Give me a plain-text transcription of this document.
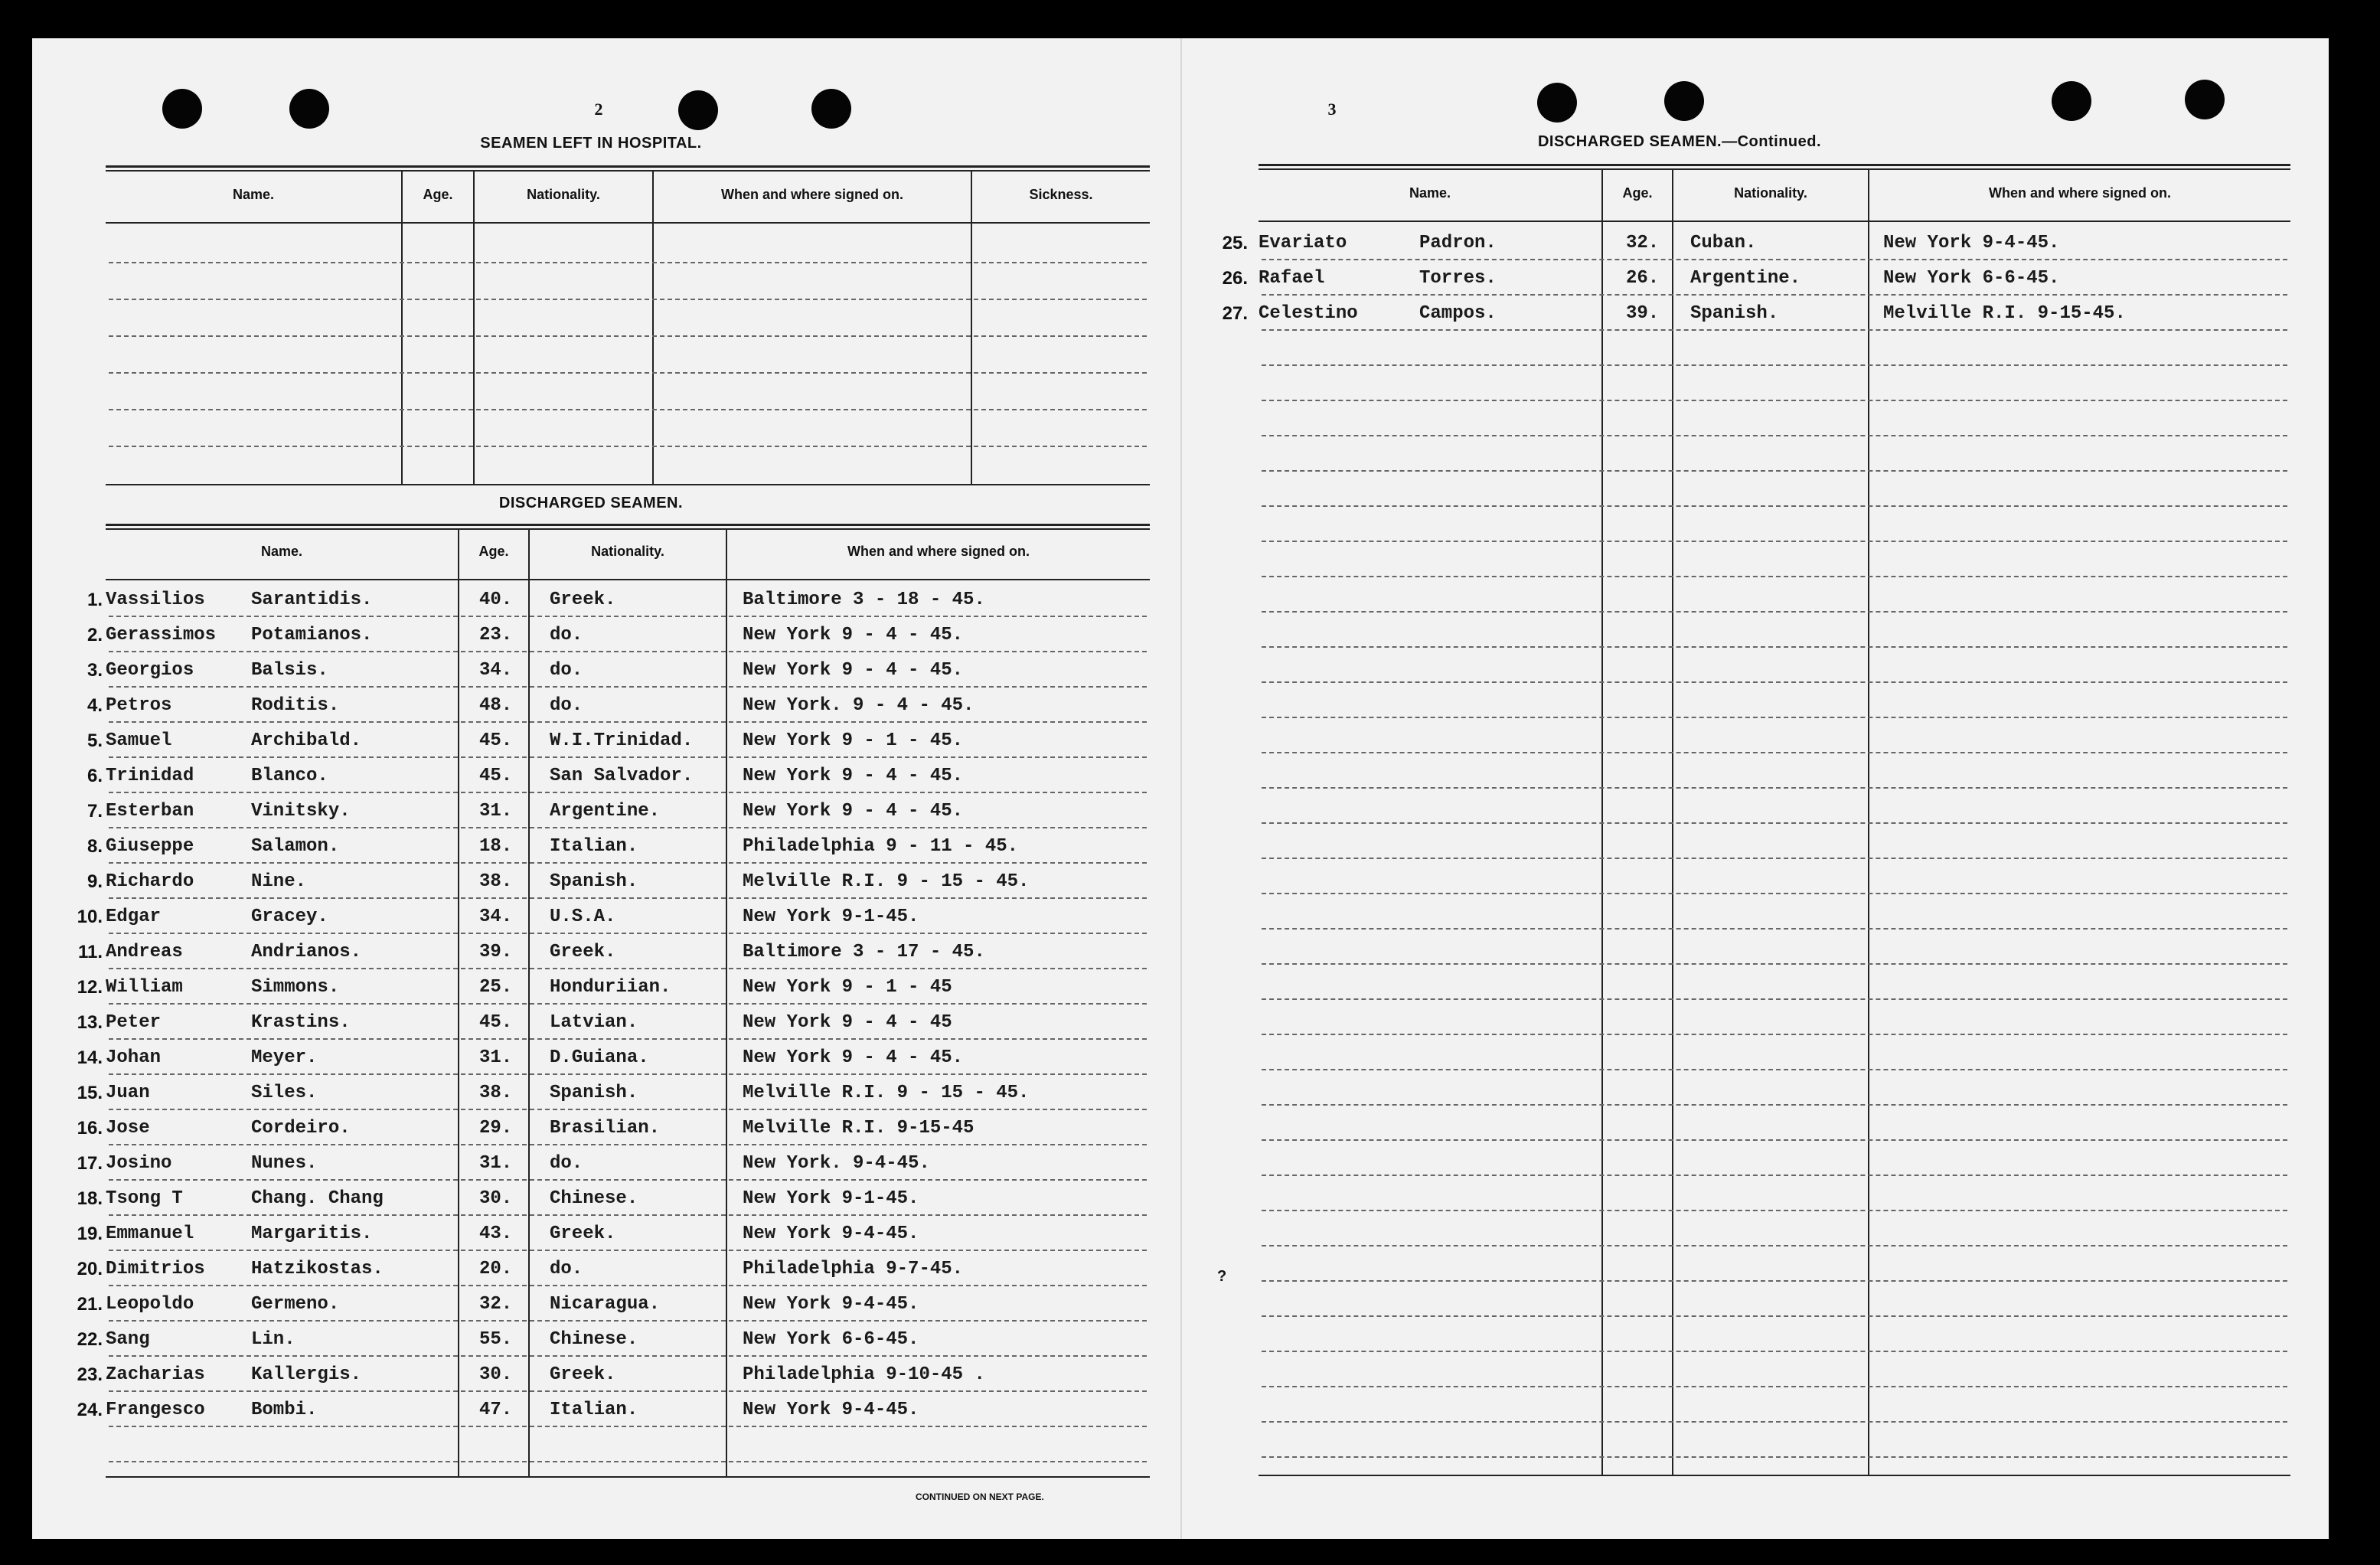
2
SEAMEN LEFT IN HOSPITAL.
Name.	Age.	Nationality.	When and where signed on.	Sickness.
DISCHARGED SEAMEN.
Name.	Age.	Natiоnality.	When and where signed on.
1. Vassilios	Sarantidis.	40. Greek.	Baltimore 3 - 18 - 45.
2. Gerassimos Potamianos.	23. do.	New York 9 - 4 - 45.
3. Georgios	Balsis.	34. do.	New York 9 - 4 - 45.
4. Petros	Roditis.	48. do.	New York. 9 - 4 - 45.
5. Samuel	Archibald.	45. W.I.Trinidad.	New York 9 - 1 - 45.
6. Trinidad	Blanco.	45. San Salvador.	New York 9 - 4 - 45.
7. Esterban	Vinitsky.	31. Argentine.	New York 9 - 4 - 45.
8. Giuseppe	Salamon.	18. Italian.	Philadelphia 9 - 11 - 45.
9. Richardo	Nine.	38. Spanish.	Melville R.I. 9 - 15 - 45.
10. Edgar	Gracey.	34. U.S.A.	New York 9-1-45.
11. Andreas	Andrianos.	39. Greek.	Baltimore 3 - 17 - 45.
12. William	Simmons.	25. Honduriian.	New York 9 - 1 - 45
13. Peter	Krastins.	45. Latvian.	New York 9 - 4 - 45
14. Johan	Meyer.	31. D.Guiana.	New York 9 - 4 - 45.
15. Juan	Siles.	38. Spanish.	Melville R.I. 9 - 15 - 45.
16. Jose	Cordeiro.	29. Brasilian.	Melville R.I. 9-15-45
17. Josino	Nunes.	31. do.	New York. 9-4-45.
18. Tsong T	Chang. Chang	30. Chinese.	New York 9-1-45.
19. Emmanuel	Margaritis.	43. Greek.	New York 9-4-45.
20. Dimitrios	Hatzikostas.	20. do.	Philadelphia 9-7-45.
21. Leopoldo	Germeno.	32. Nicaragua.	New York 9-4-45.
22. Sang	Lin.	55. Chinese.	New York 6-6-45.
23. Zacharias	Kallergis.	30. Greek.	Philadelphia 9-10-45 .
24. Frangesco	Bombi.	47. Italian.	New York 9-4-45.
CONTINUED ON NEXT PAGE.
3
DISCHARGED SEAMEN.—Continued.
Name.	Age.	Nationality.	When and where signed on.
25. Evariato	Padron.	32. Cuban.	New York 9-4-45.
26. Rafael	Torres.	26. Argentine.	New York 6-6-45.
27. Celestino	Campos.	39. Spanish.	Melville R.I. 9-15-45.
?
